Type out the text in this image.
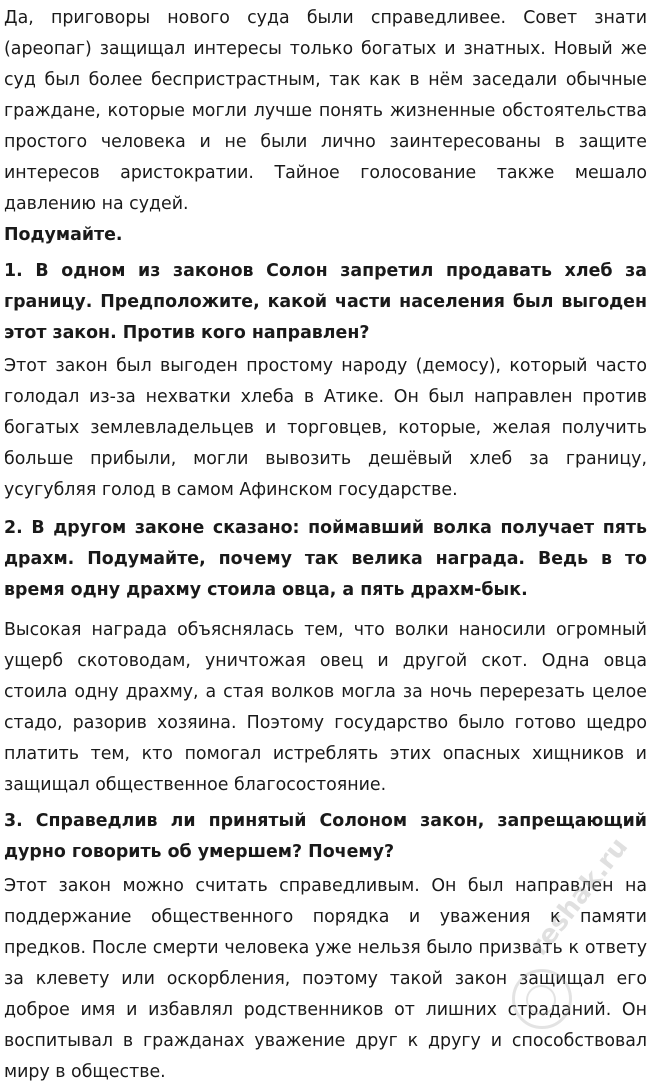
Да, приговоры нового суда были справедливее. Совет знати (ареопаг) защищал интересы только богатых и знатных. Новый же суд был более беспристрастным, так как в нём заседали обычные граждане, которые могли лучше понять жизненные обстоятельства простого человека и не были лично заинтересованы в защите интересов аристократии. Тайное голосование также мешало давлению на судей.

Подумайте.

1. В одном из законов Солон запретил продавать хлеб за границу. Предположите, какой части населения был выгоден этот закон. Против кого направлен?

Этот закон был выгоден простому народу (демосу), который часто голодал из-за нехватки хлеба в Атике. Он был направлен против богатых землевладельцев и торговцев, которые, желая получить больше прибыли, могли вывозить дешёвый хлеб за границу, усугубляя голод в самом Афинском государстве.

2. В другом законе сказано: поймавший волка получает пять драхм. Подумайте, почему так велика награда. Ведь в то время одну драхму стоила овца, а пять драхм-бык.

Высокая награда объяснялась тем, что волки наносили огромный ущерб скотоводам, уничтожая овец и другой скот. Одна овца стоила одну драхму, а стая волков могла за ночь перерезать целое стадо, разорив хозяина. Поэтому государство было готово щедро платить тем, кто помогал истреблять этих опасных хищников и защищал общественное благосостояние.

3. Справедлив ли принятый Солоном закон, запрещающий дурно говорить об умершем? Почему?

Этот закон можно считать справедливым. Он был направлен на поддержание общественного порядка и уважения к памяти предков. После смерти человека уже нельзя было призвать к ответу за клевету или оскорбления, поэтому такой закон защищал его доброе имя и избавлял родственников от лишних страданий. Он воспитывал в гражданах уважение друг к другу и способствовал миру в обществе.

reshak.ru
